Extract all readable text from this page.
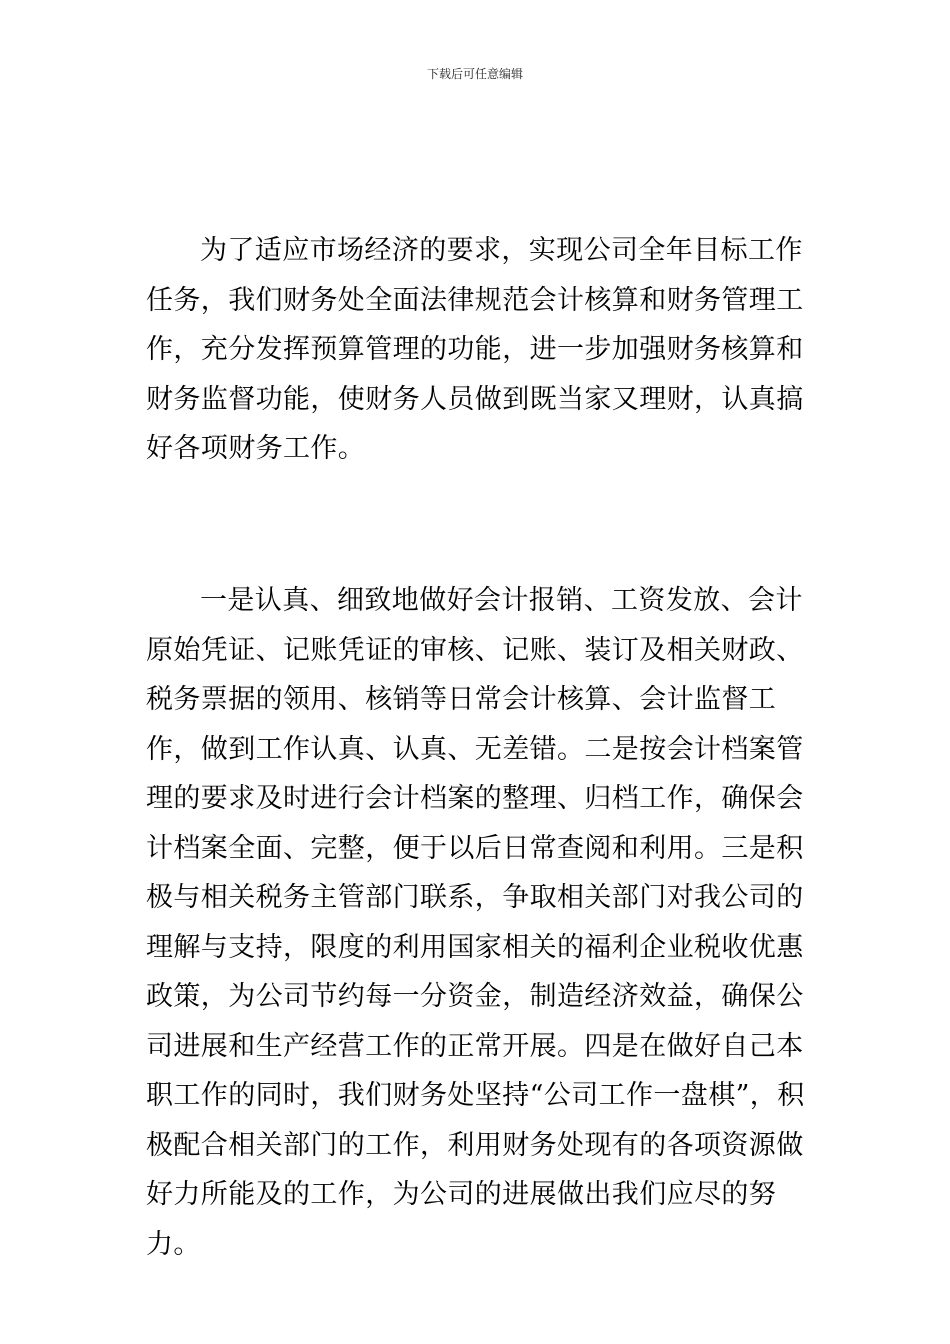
下载后可任意编辑

为了适应市场经济的要求，实现公司全年目标工作任务，我们财务处全面法律规范会计核算和财务管理工作，充分发挥预算管理的功能，进一步加强财务核算和财务监督功能，使财务人员做到既当家又理财，认真搞好各项财务工作。

一是认真、细致地做好会计报销、工资发放、会计原始凭证、记账凭证的审核、记账、装订及相关财政、税务票据的领用、核销等日常会计核算、会计监督工作，做到工作认真、认真、无差错。二是按会计档案管理的要求及时进行会计档案的整理、归档工作，确保会计档案全面、完整，便于以后日常查阅和利用。三是积极与相关税务主管部门联系，争取相关部门对我公司的理解与支持，限度的利用国家相关的福利企业税收优惠政策，为公司节约每一分资金，制造经济效益，确保公司进展和生产经营工作的正常开展。四是在做好自己本职工作的同时，我们财务处坚持“公司工作一盘棋”，积极配合相关部门的工作，利用财务处现有的各项资源做好力所能及的工作，为公司的进展做出我们应尽的努力。
